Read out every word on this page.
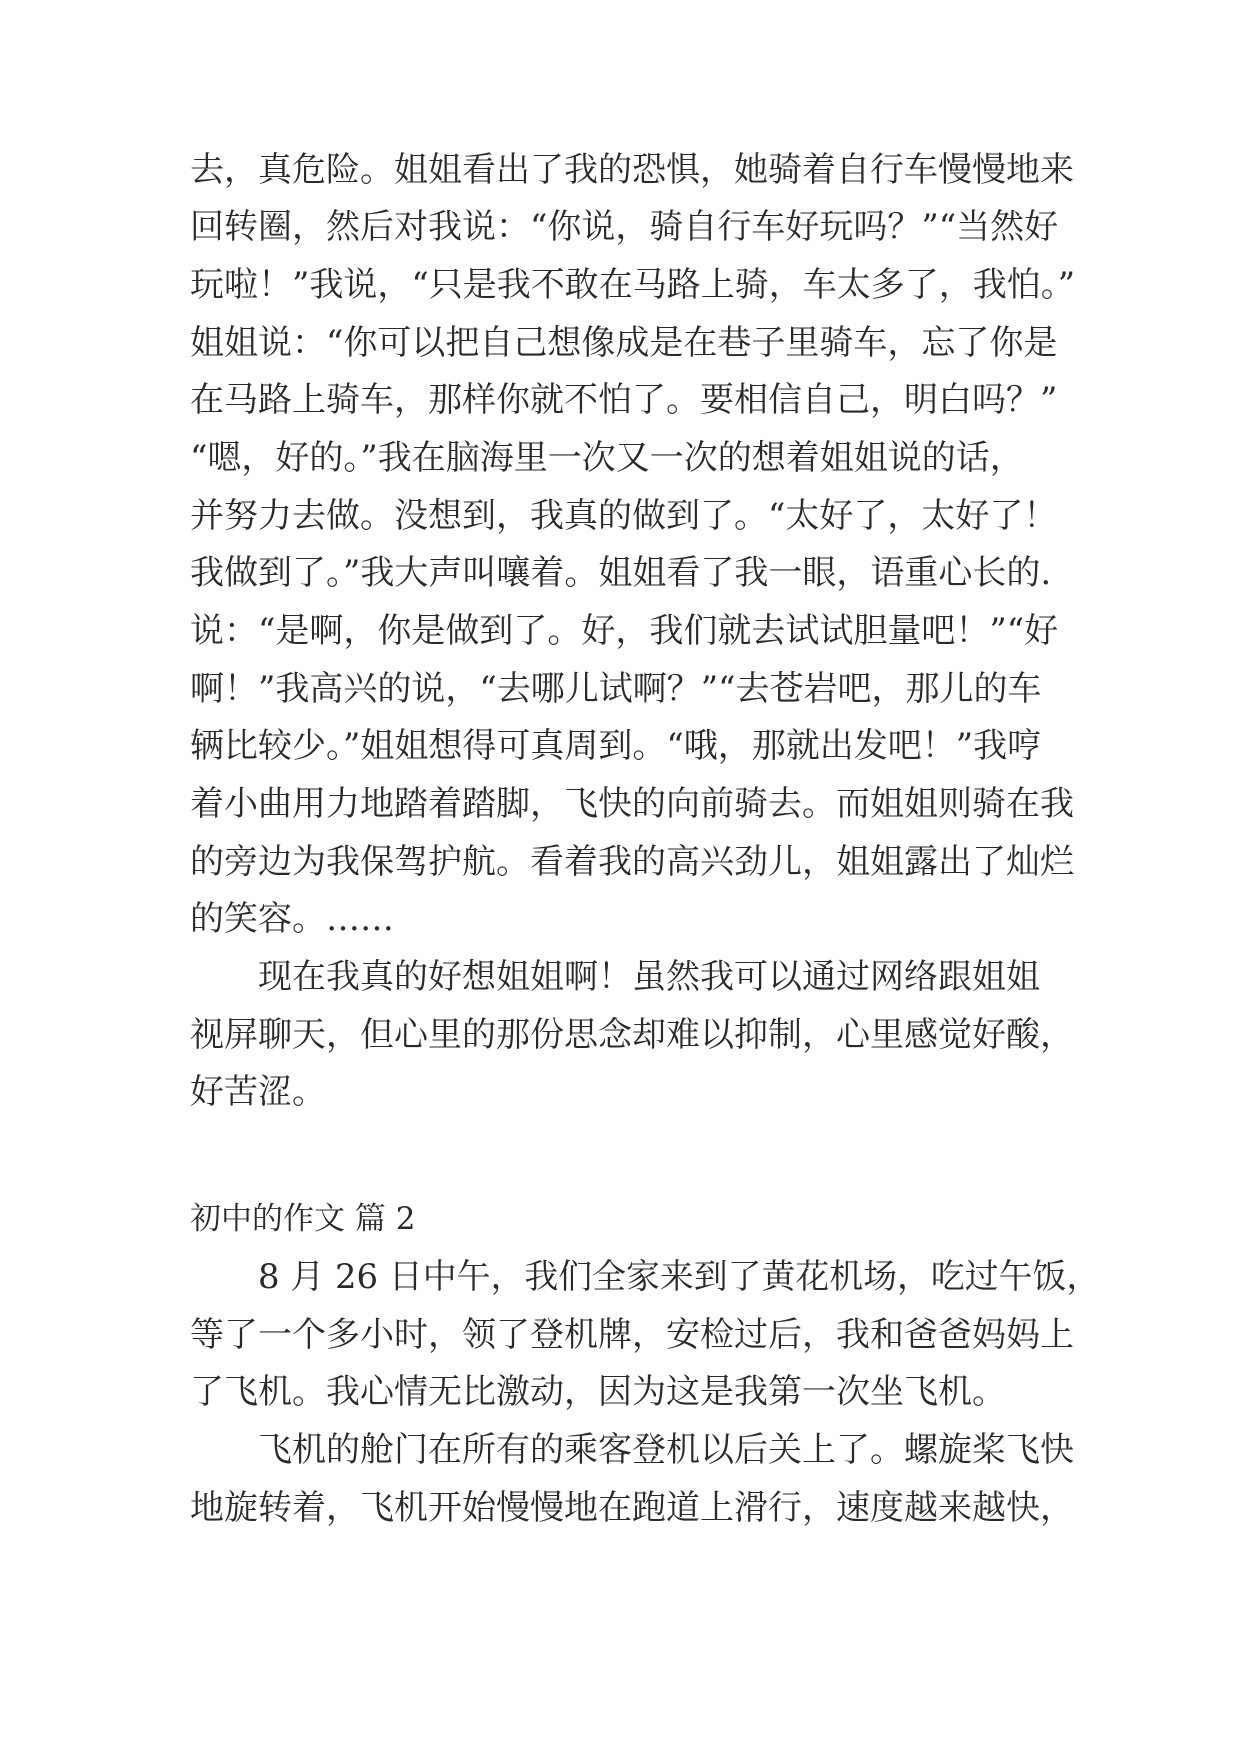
去，真危险。姐姐看出了我的恐惧，她骑着自行车慢慢地来
回转圈，然后对我说：“你说，骑自行车好玩吗？”“当然好
玩啦！”我说，“只是我不敢在马路上骑，车太多了，我怕。”
姐姐说：“你可以把自己想像成是在巷子里骑车，忘了你是
在马路上骑车，那样你就不怕了。要相信自己，明白吗？”
“嗯，好的。”我在脑海里一次又一次的想着姐姐说的话，
并努力去做。没想到，我真的做到了。“太好了，太好了！
我做到了。”我大声叫嚷着。姐姐看了我一眼，语重心长的.
说：“是啊，你是做到了。好，我们就去试试胆量吧！”“好
啊！”我高兴的说，“去哪儿试啊？”“去苍岩吧，那儿的车
辆比较少。”姐姐想得可真周到。“哦，那就出发吧！”我哼
着小曲用力地踏着踏脚，飞快的向前骑去。而姐姐则骑在我
的旁边为我保驾护航。看着我的高兴劲儿，姐姐露出了灿烂
的笑容。……
现在我真的好想姐姐啊！虽然我可以通过网络跟姐姐
视屏聊天，但心里的那份思念却难以抑制，心里感觉好酸，
好苦涩。
初中的作文 篇 2
8 月 26 日中午，我们全家来到了黄花机场，吃过午饭，
等了一个多小时，领了登机牌，安检过后，我和爸爸妈妈上
了飞机。我心情无比激动，因为这是我第一次坐飞机。
飞机的舱门在所有的乘客登机以后关上了。螺旋桨飞快
地旋转着，飞机开始慢慢地在跑道上滑行，速度越来越快，
